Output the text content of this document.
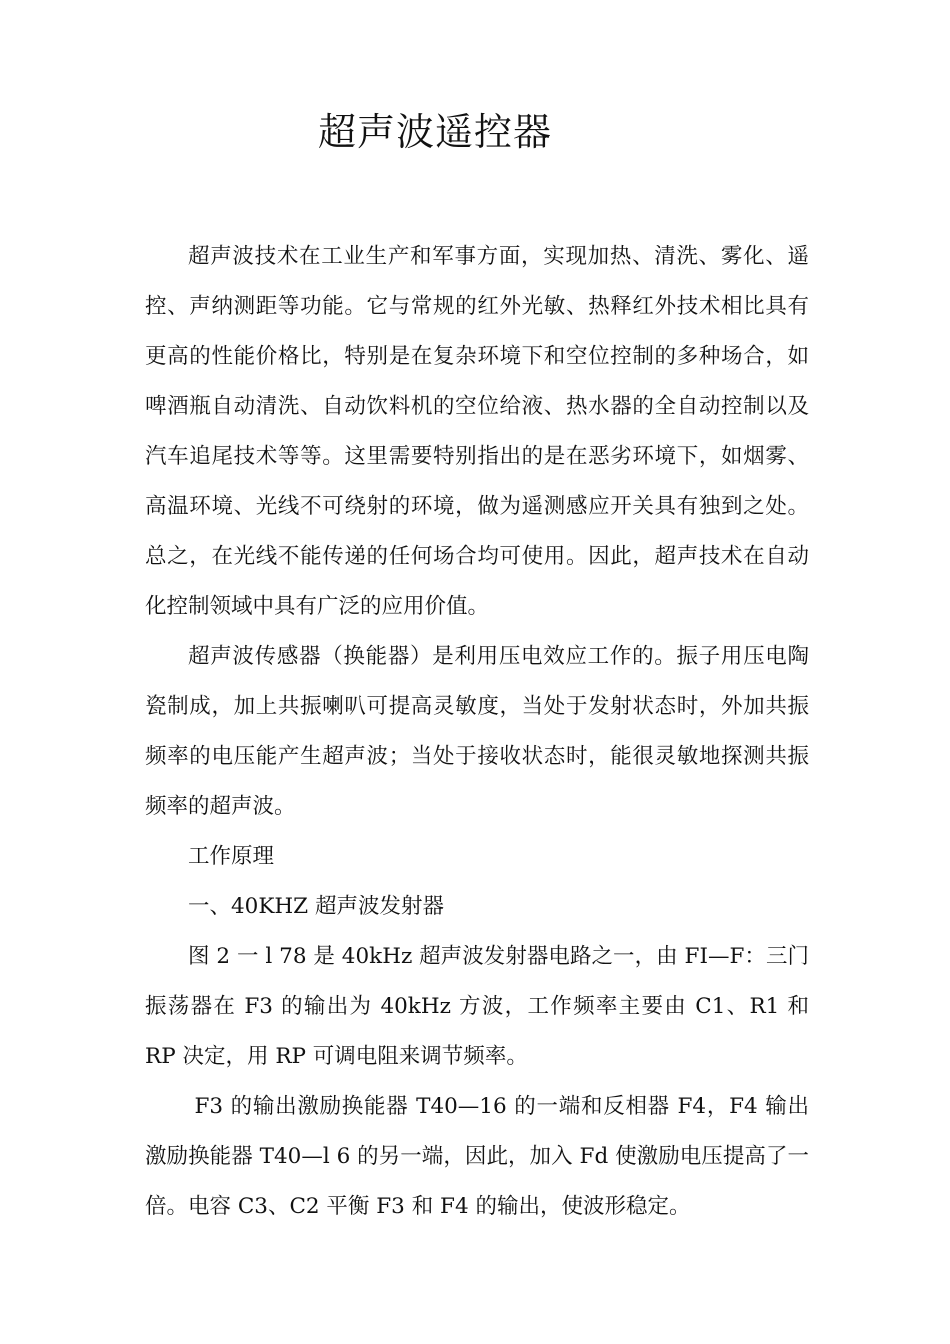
超声波遥控器

超声波技术在工业生产和军事方面，实现加热、清洗、雾化、遥控、声纳测距等功能。它与常规的红外光敏、热释红外技术相比具有更高的性能价格比，特别是在复杂环境下和空位控制的多种场合，如啤酒瓶自动清洗、自动饮料机的空位给液、热水器的全自动控制以及汽车追尾技术等等。这里需要特别指出的是在恶劣环境下，如烟雾、高温环境、光线不可绕射的环境，做为遥测感应开关具有独到之处。总之，在光线不能传递的任何场合均可使用。因此，超声技术在自动化控制领域中具有广泛的应用价值。

超声波传感器（换能器）是利用压电效应工作的。振子用压电陶瓷制成，加上共振喇叭可提高灵敏度，当处于发射状态时，外加共振频率的电压能产生超声波；当处于接收状态时，能很灵敏地探测共振频率的超声波。

工作原理

一、40KHZ 超声波发射器

图 2 一 l 78 是 40kHz 超声波发射器电路之一，由 FI—F：三门振荡器在 F3 的输出为 40kHz 方波，工作频率主要由 C1、R1 和 RP 决定，用 RP 可调电阻来调节频率。

F3 的输出激励换能器 T40—16 的一端和反相器 F4，F4 输出激励换能器 T40—l 6 的另一端，因此，加入 Fd 使激励电压提高了一倍。电容 C3、C2 平衡 F3 和 F4 的输出，使波形稳定。
